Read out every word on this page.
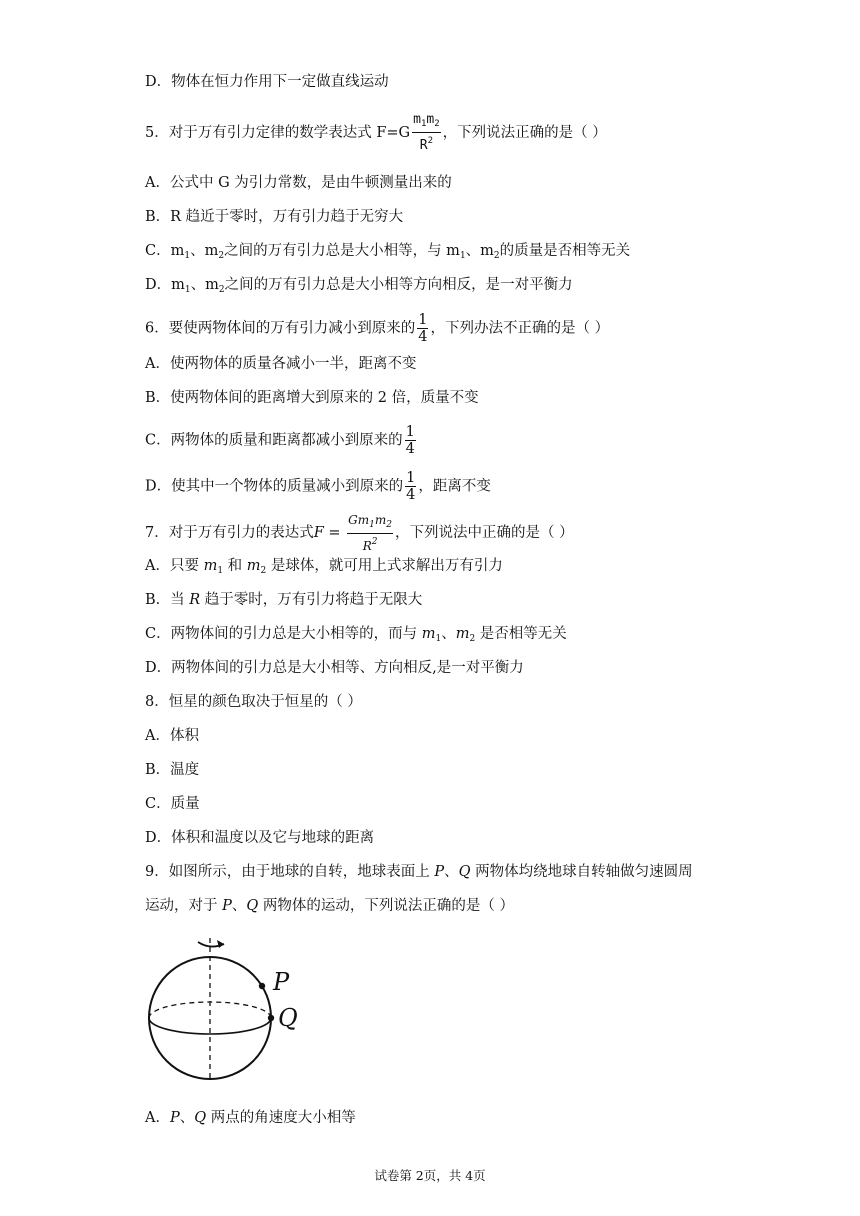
D．物体在恒力作用下一定做直线运动
5．对于万有引力定律的数学表达式 $F=G \frac{m_1m_2}{R^2}$ ，下列说法正确的是（ ）
A．公式中 G 为引力常数，是由牛顿测量出来的
B．R 趋近于零时，万有引力趋于无穷大
C．$m_1$、$m_2$之间的万有引力总是大小相等，与 $m_1$、$m_2$的质量是否相等无关
D．$m_1$、$m_2$之间的万有引力总是大小相等方向相反，是一对平衡力
6．要使两物体间的万有引力减小到原来的 $\frac{1}{4}$ ，下列办法不正确的是（ ）
A．使两物体的质量各减小一半，距离不变
B．使两物体间的距离增大到原来的 2 倍，质量不变
C．两物体的质量和距离都减小到原来的 $\frac{1}{4}$
D．使其中一个物体的质量减小到原来的 $\frac{1}{4}$ ，距离不变
7．对于万有引力的表达式$F = \frac{Gm_1m_2}{R^2}$ ，下列说法中正确的是（ ）
A．只要 $m_1$ 和 $m_2$ 是球体，就可用上式求解出万有引力
B．当 R 趋于零时，万有引力将趋于无限大
C．两物体间的引力总是大小相等的，而与 $m_1$、$m_2$ 是否相等无关
D．两物体间的引力总是大小相等、方向相反,是一对平衡力
8．恒星的颜色取决于恒星的（ ）
A．体积
B．温度
C．质量
D．体积和温度以及它与地球的距离
9．如图所示，由于地球的自转，地球表面上 P、Q 两物体均绕地球自转轴做匀速圆周
运动，对于 P、Q 两物体的运动，下列说法正确的是（ ）
P
Q
A．P、Q 两点的角速度大小相等
试卷第 2页，共 4页
